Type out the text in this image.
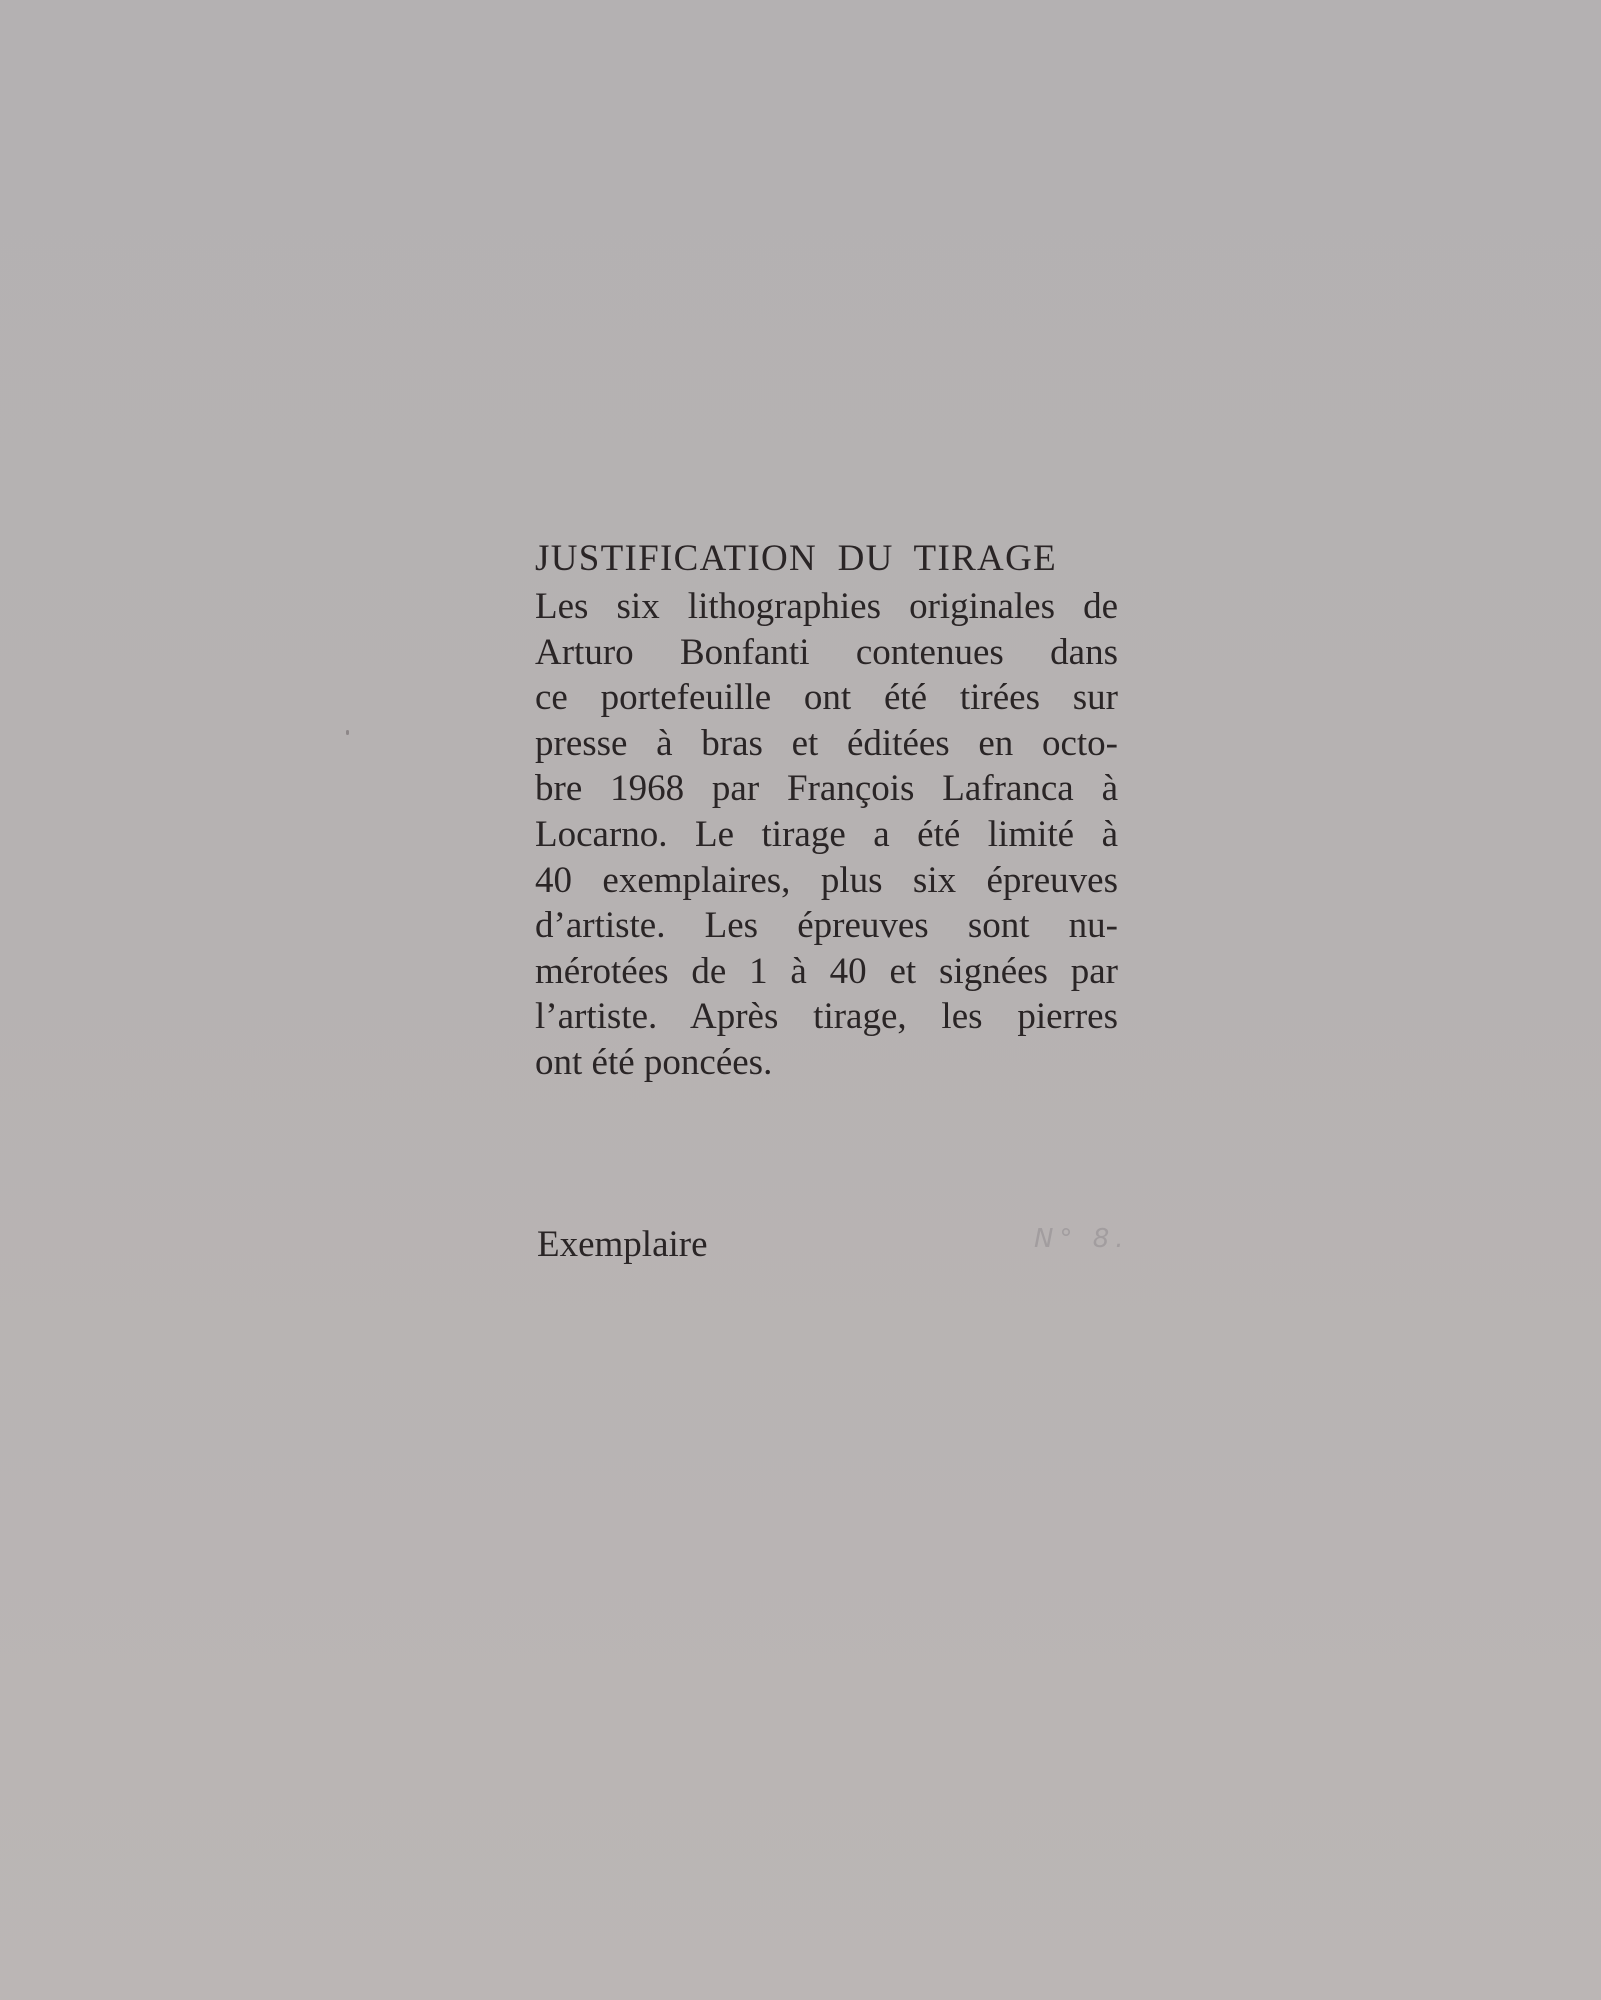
JUSTIFICATION DU TIRAGE
Les six lithographies originales de
Arturo Bonfanti contenues dans
ce portefeuille ont été tirées sur
presse à bras et éditées en octo-
bre 1968 par François Lafranca à
Locarno. Le tirage a été limité à
40 exemplaires, plus six épreuves
d’artiste. Les épreuves sont nu-
mérotées de 1 à 40 et signées par
l’artiste. Après tirage, les pierres
ont été poncées.
Exemplaire	N° 8.
